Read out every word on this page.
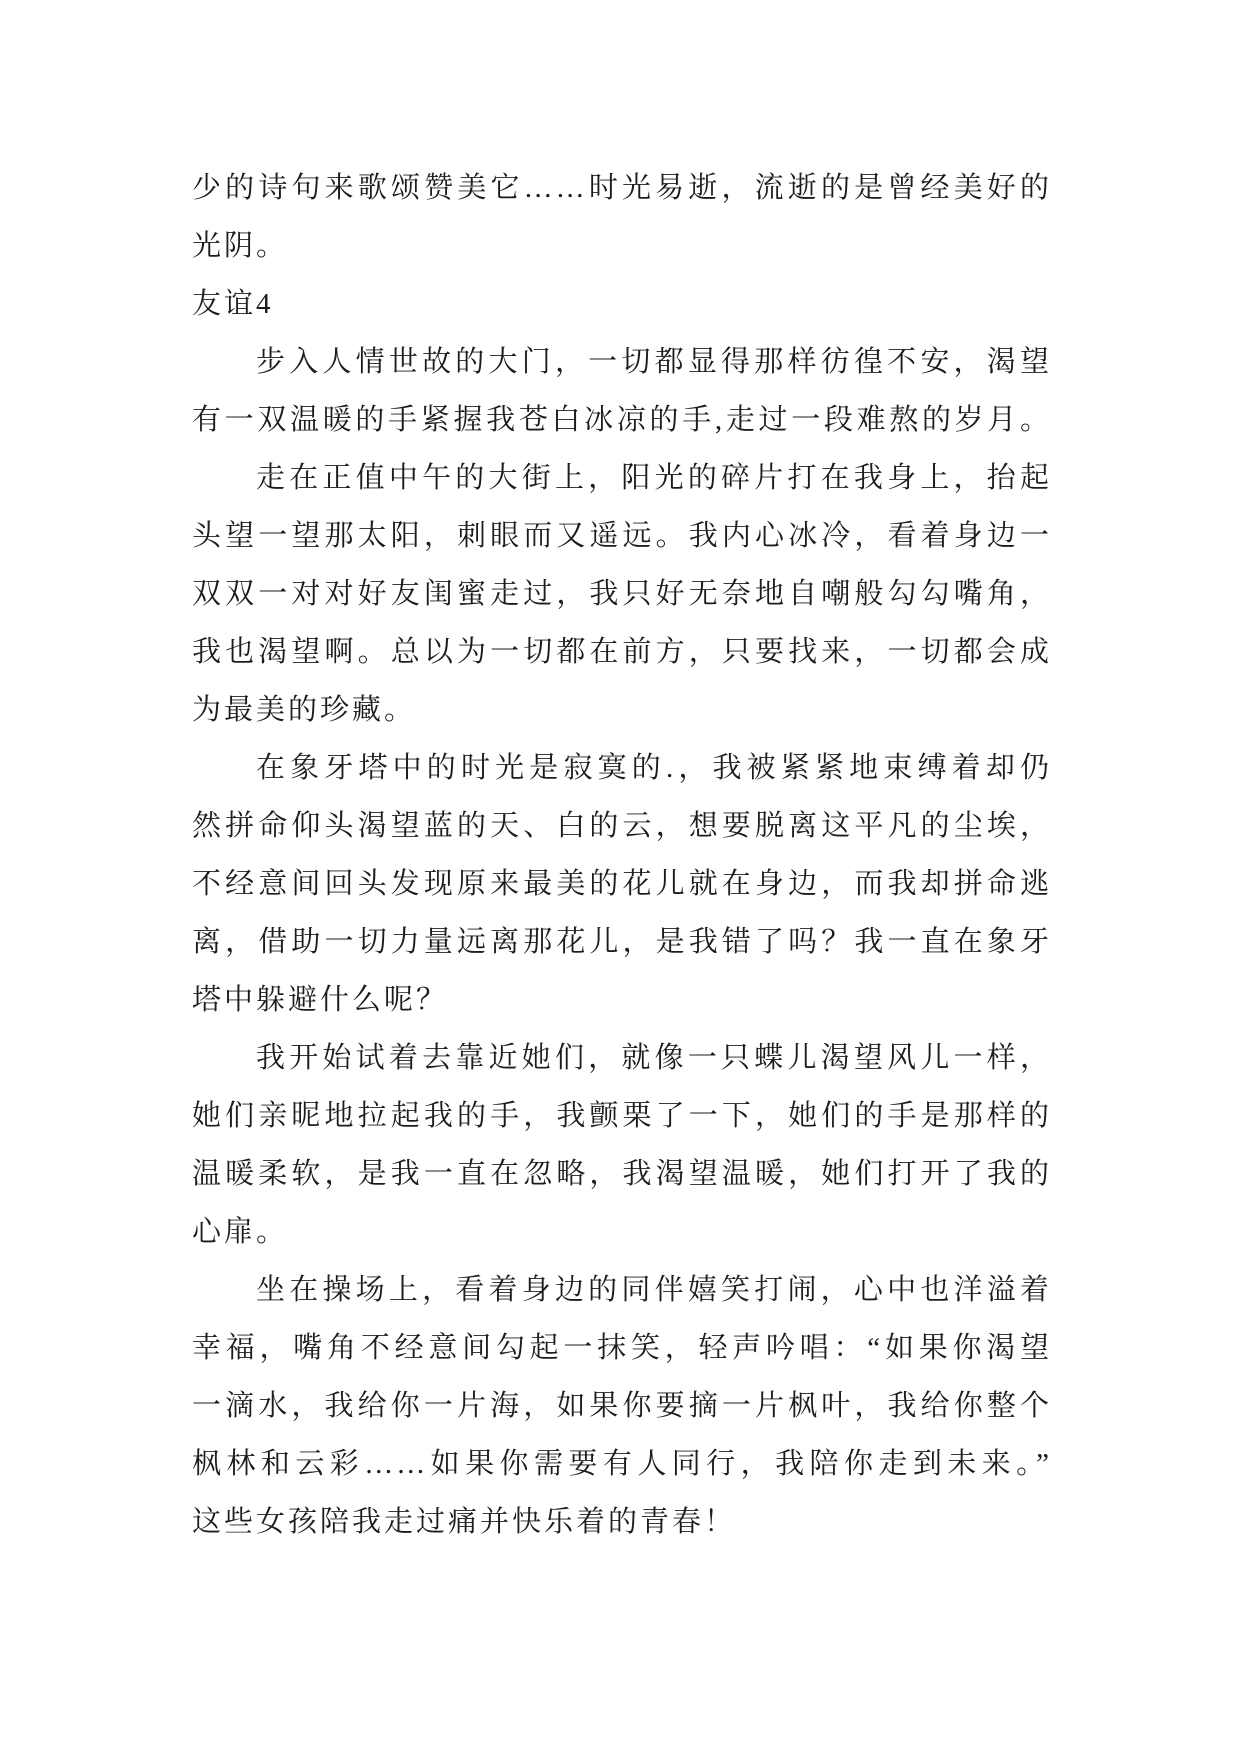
少的诗句来歌颂赞美它……时光易逝，流逝的是曾经美好的
光阴。
友谊4
步入人情世故的大门，一切都显得那样彷徨不安，渴望
有一双温暖的手紧握我苍白冰凉的手,走过一段难熬的岁月。
走在正值中午的大街上，阳光的碎片打在我身上，抬起
头望一望那太阳，刺眼而又遥远。我内心冰冷，看着身边一
双双一对对好友闺蜜走过，我只好无奈地自嘲般勾勾嘴角，
我也渴望啊。总以为一切都在前方，只要找来，一切都会成
为最美的珍藏。
在象牙塔中的时光是寂寞的.，我被紧紧地束缚着却仍
然拼命仰头渴望蓝的天、白的云，想要脱离这平凡的尘埃，
不经意间回头发现原来最美的花儿就在身边，而我却拼命逃
离，借助一切力量远离那花儿，是我错了吗？我一直在象牙
塔中躲避什么呢？
我开始试着去靠近她们，就像一只蝶儿渴望风儿一样，
她们亲昵地拉起我的手，我颤栗了一下，她们的手是那样的
温暖柔软，是我一直在忽略，我渴望温暖，她们打开了我的
心扉。
坐在操场上，看着身边的同伴嬉笑打闹，心中也洋溢着
幸福，嘴角不经意间勾起一抹笑，轻声吟唱：“如果你渴望
一滴水，我给你一片海，如果你要摘一片枫叶，我给你整个
枫林和云彩……如果你需要有人同行，我陪你走到未来。”
这些女孩陪我走过痛并快乐着的青春！
